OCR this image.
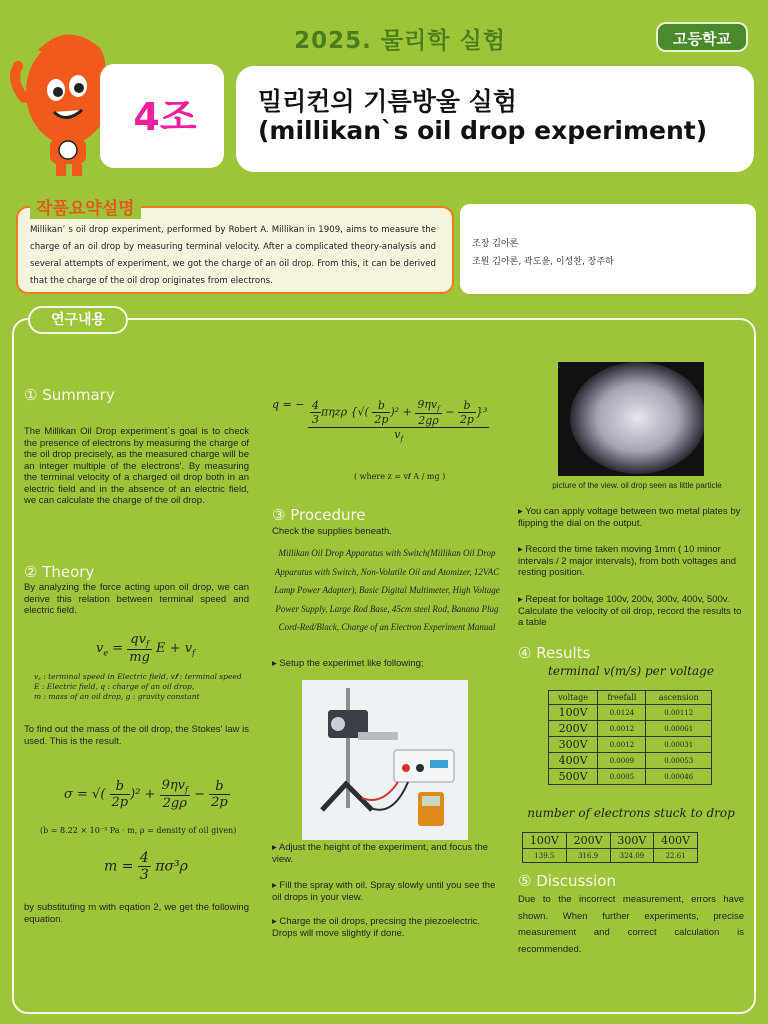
2025. 물리학 실험	고등학교
4조	밀리컨의 기름방울 실험
(millikan`s oil drop experiment)
작품요약설명
Millikan’ s oil drop experiment, performed by Robert A. Millikan in 1909, aims to measure the charge of an oil drop by measuring terminal velocity. After a complicated theory-analysis and several attempts of experiment, we got the charge of an oil drop. From this, it can be derived that the charge of the oil drop originates from electrons.
조장 김아론
조원 김아론, 곽도윤, 이성찬, 장주하
연구내용
① Summary
The Millikan Oil Drop experiment`s goal is to check the presence of electrons by measuring the charge of the oil drop precisely, as the measured charge will be an integer multiple of the electrons'. By measuring the terminal velocity of a charged oil drop both in an electric field and in the absence of an electric field, we can calculate the charge of the oil drop.
② Theory
By analyzing the force acting upon oil drop, we can derive this relation between terminal speed and electric field.
$v_e = \frac{qv_f}{mg}$ $E + v_f$
v꜀ : terminal speed in Electric field, v𝒇 : terminal speed
E : Electric field, q : charge of an oil drop,
m : mass of an oil drop, g : gravity constant
To find out the mass of the oil drop, the Stokes' law is used. This is the result.
σ = √( $\frac{b}{2p} )^2 + \frac{9\eta v_f}{2g\rho} - \frac{b}{2p}$
(b = 8.22 × 10⁻³ Pa · m, ρ = density of oil given)
$m = \frac{4}{3} \pi\sigma^3\rho$
by substituting m with eqation 2, we get the following equation.
q = − $\frac{4}{3}$ πηzρ {√( $\frac{b}{2p} )^2 + \frac{9\eta v_f}{2g\rho} - \frac{b}{2p} \}^3$
$v_f$
( where z = v𝒇 A / mg )
③ Procedure
Check the supplies beneath.
Millikan Oil Drop Apparatus with Switch(Millikan Oil Drop Apparatus with Switch, Non-Volatile Oil and Atomizer, 12VAC Lamp Power Adapter), Basic Digital Multimeter, High Voltage Power Supply, Large Rod Base, 45cm steel Rod, Banana Plug Cord-Red/Black, Charge of an Electron Experiment Manual
▸ Setup the experimet like following;
▸ Adjust the height of the experiment, and focus the view.
▸ Fill the spray with oil. Spray slowly until you see the oil drops in your view.
▸ Charge the oil drops, precsing the piezoelectric. Drops will move slightly if done.
picture of the view. oil drop seen as little particle
▸ You can apply voltage between two metal plates by flipping the dial on the output.
▸ Record the time taken moving 1mm ( 10 minor intervals / 2 major intervals), from both voltages and resting position.
▸ Repeat for boltage 100v, 200v, 300v, 400v, 500v. Calculate the velocity of oil drop, record the results to a table
④ Results
terminal v(m/s) per voltage
voltage	freefall	ascension
100V	0.0124	0.00112
200V	0.0012	0.00061
300V	0.0012	0.00031
400V	0.0009	0.00053
500V	0.0005	0.00046
number of electrons stuck to drop
100V	200V	300V	400V
139.5	316.9	324.09	22.61
⑤ Discussion
Due to the incorrect measurement, errors have shown. When further experiments, precise measurement and correct calculation is recommended.
